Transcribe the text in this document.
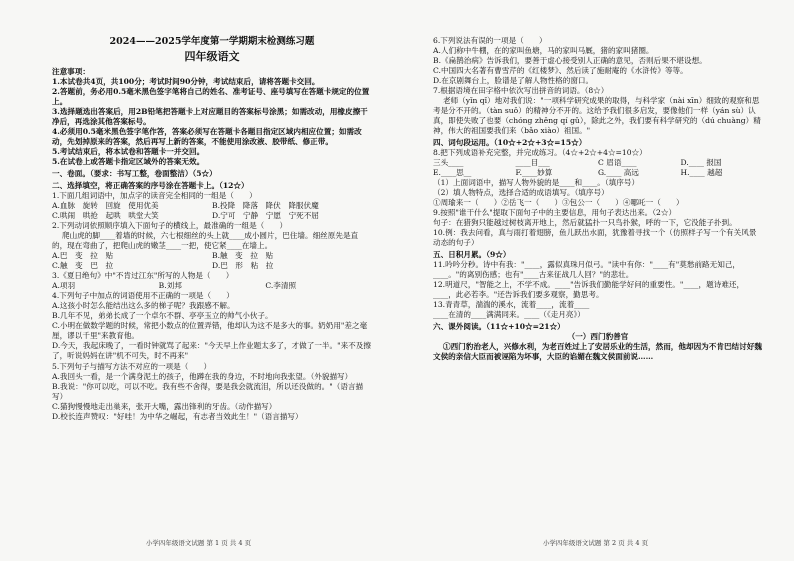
2024——2025学年度第一学期期末检测练习题

四年级语文

注意事项：

1.本试卷共4页，共100分；考试时间90分钟，考试结束后，请将答题卡交回。

2.答题前，务必用0.5毫米黑色签字笔将自己的姓名、准考证号、座号填写在答题卡规定的位置上。

3.选择题选出答案后，用2B铅笔把答题卡上对应题目的答案标号涂黑；如需改动，用橡皮擦干净后，再选涂其他答案标号。

4.必须用0.5毫米黑色签字笔作答，答案必须写在答题卡各题目指定区域内相应位置；如需改动，先划掉原来的答案，然后再写上新的答案，不能使用涂改液、胶带纸、修正带。

5.考试结束后，将本试卷和答题卡一并交回。

5.在试卷上或答题卡指定区域外的答案无效。

一、卷面。（要求：书写工整，卷面整洁）（5☆）

二、选择填空，将正确答案的序号涂在答题卡上。（12☆）

1.下面几组词语中，加点字的读音完全相同的一组是（　　）

A.血脉　旋转　回旋　使用优美	B.投降　降落　降伏　降服伏魔
C.哄闹　哄抢　起哄　哄堂大笑	D.宁可　宁静　宁愿　宁死不屈

2.下列动词依照顺序填入下面句子的横线上，最准确的一组是（　　）

爬山虎的脚____着墙的时候，六七根细丝的头上就____成小圆片，巴住墙。细丝原先是直的，现在弯曲了，把爬山虎的嫩茎____一把，使它紧____在墙上。

A.巴　变　拉　贴	B.触　变　拉　贴
C.触　变　巴　拉	D.巴　形　粘　拉

3.《夏日绝句》中"不肯过江东"所写的人物是（　　）

A.项羽	B.刘邦	C.李清照

4.下列句子中加点的词语使用不正确的一项是（　　）

A.这孩小时怎么能结出这么多的梯子呢？我跟感不解。

B.几年不见，弟弟长成了一个卓尔不群、亭亭玉立的帅气小伙子。

C.小明在做数学题的时候，常把小数点的位置弄错，他却认为这不是多大的事。奶奶用"差之毫厘，谬以千里"来教育他。

D.今天，我起床晚了，一看时钟就骂了起来："今天早上作业题太多了，才做了一半。"来不及擦了，听说妈妈在讲"机不可失，时不再来"

5.下列句子与描写方法不对应的一项是（　　）

A.我回头一看，是一个满身泥土的孩子，他蹲在我的身边，不时地向我张望。（外貌描写）

B.我说："你可以吃，可以不吃。我有些不舍得，要是我会就流泪，所以还没做的。"（语言描写）

C.猫狗慢慢地走出巢来，张开大嘴，露出锋利的牙齿。（动作描写）

D.校长连声赞叹："好哇！为中华之崛起，有志者当效此生！"（语言描写）

小学四年级语文试题 第 1 页 共 4 页

6.下列说法有误的一项是（　　）

A.人们称中牛棚，在的家叫鱼塘，马的家叫马厩，猪的家叫猪圈。

B.《扁鹊治病》告诉我们，要善于虚心接受别人正确的意见，否则后果不堪设想。

C.中国四大名著有曹雪芹的《红楼梦》、然后读了施耐庵的《水浒传》等等。

D.在京剧舞台上，脸谱是了解人物性格的窗口。

7.根据语境在田字格中依次写出拼音的词语。（8☆）

老师（yǐn qǐ）地对我们说："一项科学研究成果的取得，与科学家（nài xīn）细致的观察和思考是分不开的。（tàn suǒ）的精神分不开的。这给予我们很多启发，要像他们一样（yán sù）认真，即使失败了也要（chóng zhěng qí gǔ），除此之外，我们要有科学研究的（dú chuàng）精神，伟大的祖国要我们来（bǎo xiào）祖国。"

四、词句段运用。（10☆+2☆+3☆=15☆）

8.把下列成语补充完整，并完成练习。（4☆+2☆+4☆=10☆）

三头____	____目___	C 眉语____	D.____ 报国
E.____思__	F.____妙算	G.____ 高远	H.____ 越超

（1）上面词语中，描写人物外貌的是____和____。（填序号）

（2）填人物特点，选择合适的成语填写。（填序号）

①周瑜来一（　　）②岳飞一（　　）③包公一（　　）④哪吒一（　　）

9.按照"谁干什么"提取下面句子中的主要信息，用句子表达出来。（2☆）

句子：在猎狗只能越过树枝离开地上，然后就猛扑一只鸟扑猴，呼的一下，它没能子扑到。

10.例：我去问看，真与雨打着翅膀，鱼儿跃出水面，犹豫着寻找一个（仿照样子写一个有关风景动态的句子）

五、日积月累。（9☆）

11.吟吟分秒。诗中有我："____，露似真珠月似弓。"读中有你："____有"莫愁前路无知己，____。"的离别伤感；也有"____古来征战几人回？"的悲壮。

12.明道尺，"智能之上，不学不成。____"告诉我们勤能学好问的重要性。"____，题诗难还，____，此必若李。"还告诉我们要多观察，勤思考。

13.青青草，湍湍的溪水，流着____，流着____

____在清的____满满同来。____（《走月亮》）

六、课外阅读。（11☆+10☆=21☆）

（一）西门豹善官

①西门豹治老人，兴修水利，为老百姓过上了安居乐业的生活，然而，他却因为不肯巴结讨好魏文侯的亲信大臣而被诬陷为坏事，大臣的谄媚在魏文侯面前说……

小学四年级语文试题 第 2 页 共 4 页
